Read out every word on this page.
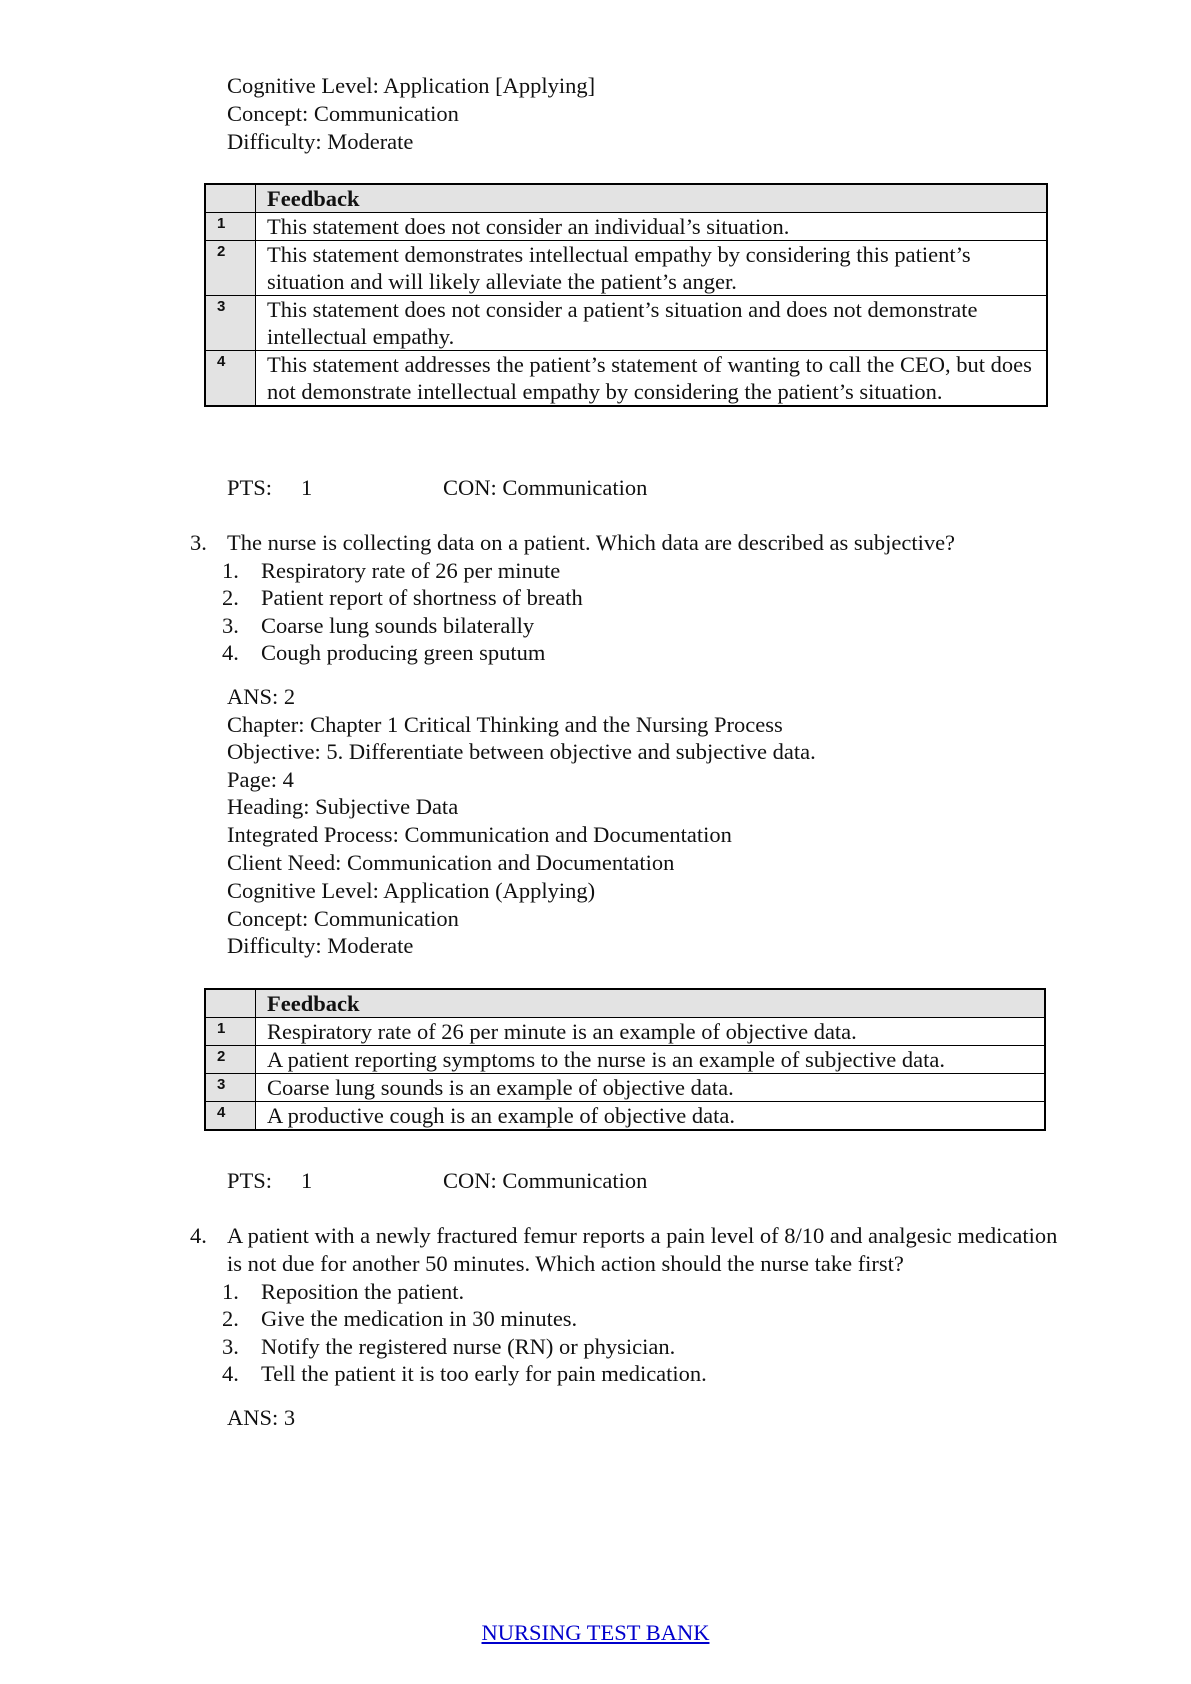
Cognitive Level: Application [Applying]
Concept: Communication
Difficulty: Moderate
	Feedback
1	This statement does not consider an individual’s situation.
2	This statement demonstrates intellectual empathy by considering this patient’s situation and will likely alleviate the patient’s anger.
3	This statement does not consider a patient’s situation and does not demonstrate intellectual empathy.
4	This statement addresses the patient’s statement of wanting to call the CEO, but does not demonstrate intellectual empathy by considering the patient’s situation.
PTS: 1	CON: Communication
3. The nurse is collecting data on a patient. Which data are described as subjective?
1. Respiratory rate of 26 per minute
2. Patient report of shortness of breath
3. Coarse lung sounds bilaterally
4. Cough producing green sputum
ANS: 2
Chapter: Chapter 1 Critical Thinking and the Nursing Process
Objective: 5. Differentiate between objective and subjective data.
Page: 4
Heading: Subjective Data
Integrated Process: Communication and Documentation
Client Need: Communication and Documentation
Cognitive Level: Application (Applying)
Concept: Communication
Difficulty: Moderate
	Feedback
1	Respiratory rate of 26 per minute is an example of objective data.
2	A patient reporting symptoms to the nurse is an example of subjective data.
3	Coarse lung sounds is an example of objective data.
4	A productive cough is an example of objective data.
PTS: 1	CON: Communication
4. A patient with a newly fractured femur reports a pain level of 8/10 and analgesic medication
is not due for another 50 minutes. Which action should the nurse take first?
1. Reposition the patient.
2. Give the medication in 30 minutes.
3. Notify the registered nurse (RN) or physician.
4. Tell the patient it is too early for pain medication.
ANS: 3
NURSING TEST BANK
